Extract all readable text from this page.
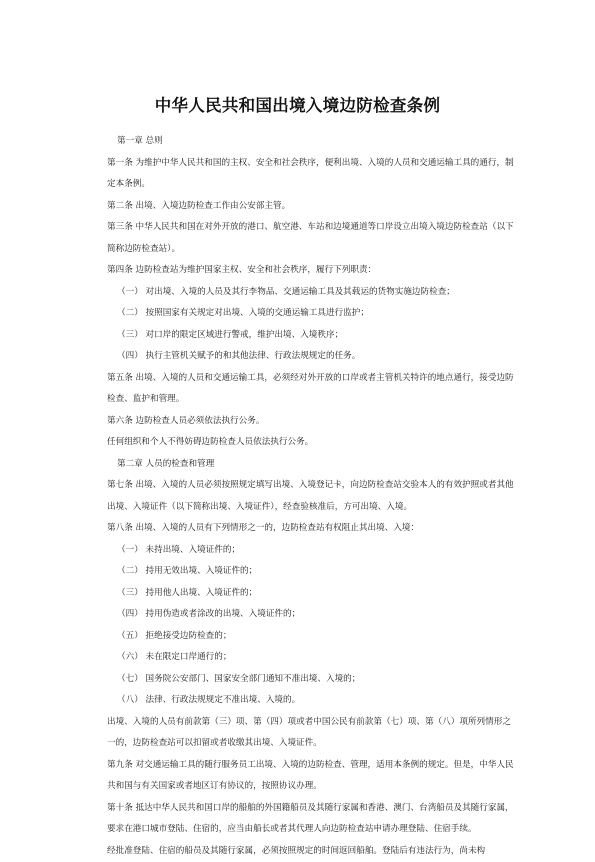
中华人民共和国出境入境边防检查条例

第一章 总则

第一条 为维护中华人民共和国的主权、安全和社会秩序，便利出境、入境的人员和交通运输工具的通行，制定本条例。

第二条 出境、入境边防检查工作由公安部主管。

第三条 中华人民共和国在对外开放的港口、航空港、车站和边境通道等口岸设立出境入境边防检查站（以下简称边防检查站）。

第四条 边防检查站为维护国家主权、安全和社会秩序，履行下列职责：

（一） 对出境、入境的人员及其行李物品、交通运输工具及其载运的货物实施边防检查；

（二） 按照国家有关规定对出境、入境的交通运输工具进行监护；

（三） 对口岸的限定区域进行警戒，维护出境、入境秩序；

（四） 执行主管机关赋予的和其他法律、行政法规规定的任务。

第五条 出境、入境的人员和交通运输工具，必须经对外开放的口岸或者主管机关特许的地点通行，接受边防检查、监护和管理。

第六条 边防检查人员必须依法执行公务。

任何组织和个人不得妨碍边防检查人员依法执行公务。

第二章 人员的检查和管理

第七条 出境、入境的人员必须按照规定填写出境、入境登记卡，向边防检查站交验本人的有效护照或者其他出境、入境证件（以下简称出境、入境证件），经查验核准后，方可出境、入境。

第八条 出境、入境的人员有下列情形之一的，边防检查站有权阻止其出境、入境：

（一） 未持出境、入境证件的；

（二） 持用无效出境、入境证件的；

（三） 持用他人出境、入境证件的；

（四） 持用伪造或者涂改的出境、入境证件的；

（五） 拒绝接受边防检查的；

（六） 未在限定口岸通行的；

（七） 国务院公安部门、国家安全部门通知不准出境、入境的；

（八） 法律、行政法规规定不准出境、入境的。

出境、入境的人员有前款第（三）项、第（四）项或者中国公民有前款第（七）项、第（八）项所列情形之一的，边防检查站可以扣留或者收缴其出境、入境证件。

第九条 对交通运输工具的随行服务员工出境、入境的边防检查、管理，适用本条例的规定。但是，中华人民共和国与有关国家或者地区订有协议的，按照协议办理。

第十条 抵达中华人民共和国口岸的船舶的外国籍船员及其随行家属和香港、澳门、台湾船员及其随行家属，要求在港口城市登陆、住宿的，应当由船长或者其代理人向边防检查站申请办理登陆、住宿手续。

经批准登陆、住宿的船员及其随行家属，必须按照规定的时间返回船舶。登陆后有违法行为，尚未构
